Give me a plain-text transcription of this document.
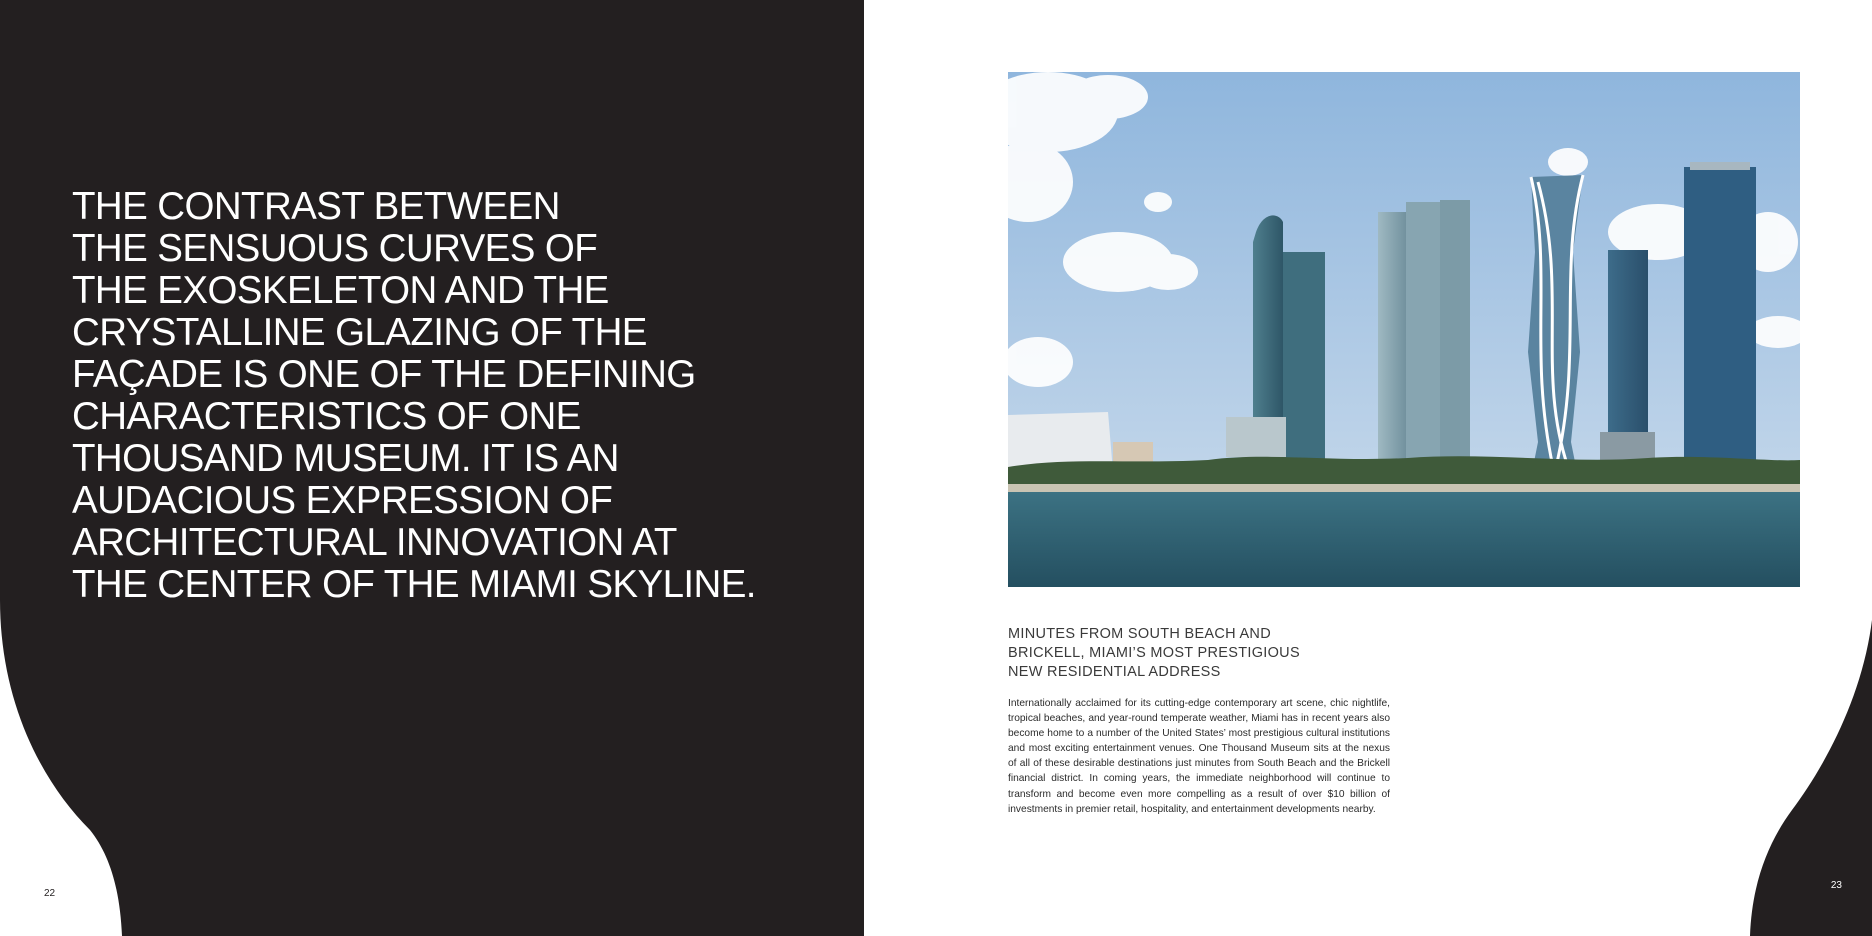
THE CONTRAST BETWEEN
THE SENSUOUS CURVES OF
THE EXOSKELETON AND THE
CRYSTALLINE GLAZING OF THE
FAÇADE IS ONE OF THE DEFINING
CHARACTERISTICS OF ONE
THOUSAND MUSEUM. IT IS AN
AUDACIOUS EXPRESSION OF
ARCHITECTURAL INNOVATION AT
THE CENTER OF THE MIAMI SKYLINE.
22
23
MINUTES FROM SOUTH BEACH AND
BRICKELL, MIAMI’S MOST PRESTIGIOUS
NEW RESIDENTIAL ADDRESS

Internationally acclaimed for its cutting-edge contemporary art scene, chic nightlife, tropical beaches, and year-round temperate weather, Miami has in recent years also become home to a number of the United States’ most prestigious cultural institutions and most exciting entertainment venues. One Thousand Museum sits at the nexus of all of these desirable destinations just minutes from South Beach and the Brickell financial district. In coming years, the immediate neighborhood will continue to transform and become even more compelling as a result of over $10 billion of investments in premier retail, hospitality, and entertainment developments nearby.
